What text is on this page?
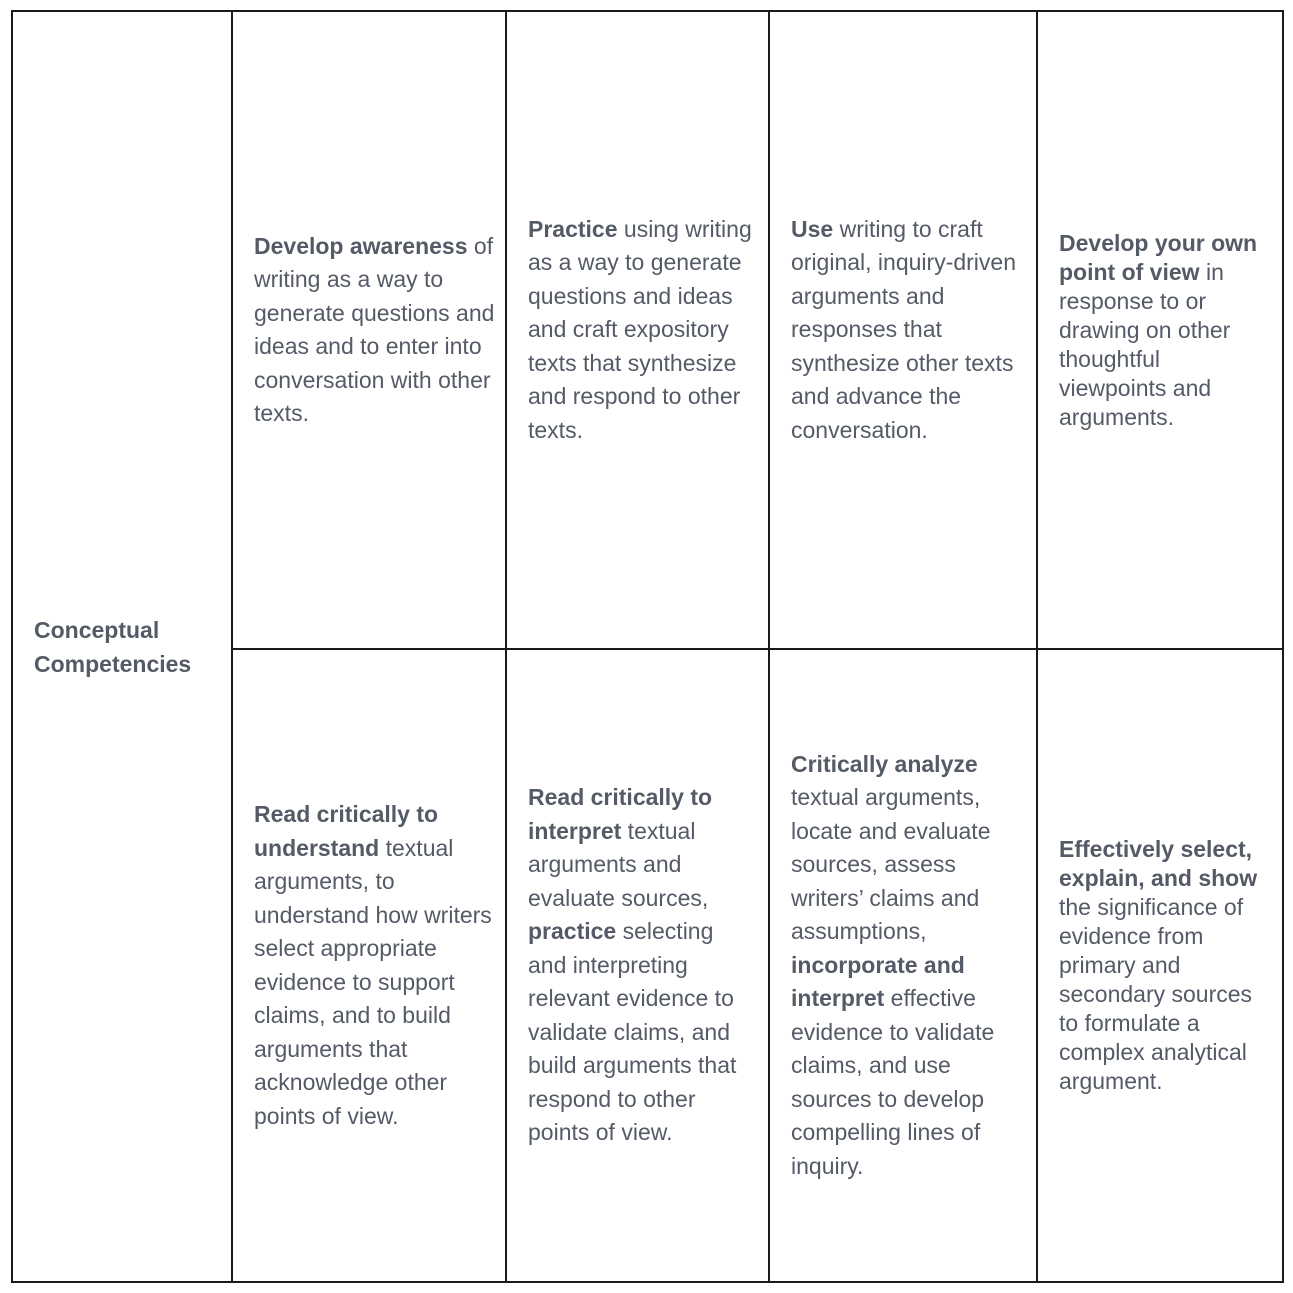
Conceptual
Competencies

Develop awareness of writing as a way to generate questions and ideas and to enter into conversation with other texts.

Practice using writing as a way to generate questions and ideas and craft expository texts that synthesize and respond to other texts.

Use writing to craft original, inquiry-driven arguments and responses that synthesize other texts and advance the conversation.

Develop your own point of view in response to or drawing on other thoughtful viewpoints and arguments.

Read critically to understand textual arguments, to understand how writers select appropriate evidence to support claims, and to build arguments that acknowledge other points of view.

Read critically to interpret textual arguments and evaluate sources, practice selecting and interpreting relevant evidence to validate claims, and build arguments that respond to other points of view.

Critically analyze textual arguments, locate and evaluate sources, assess writers’ claims and assumptions, incorporate and interpret effective evidence to validate claims, and use sources to develop compelling lines of inquiry.

Effectively select, explain, and show the significance of evidence from primary and secondary sources to formulate a complex analytical argument.
